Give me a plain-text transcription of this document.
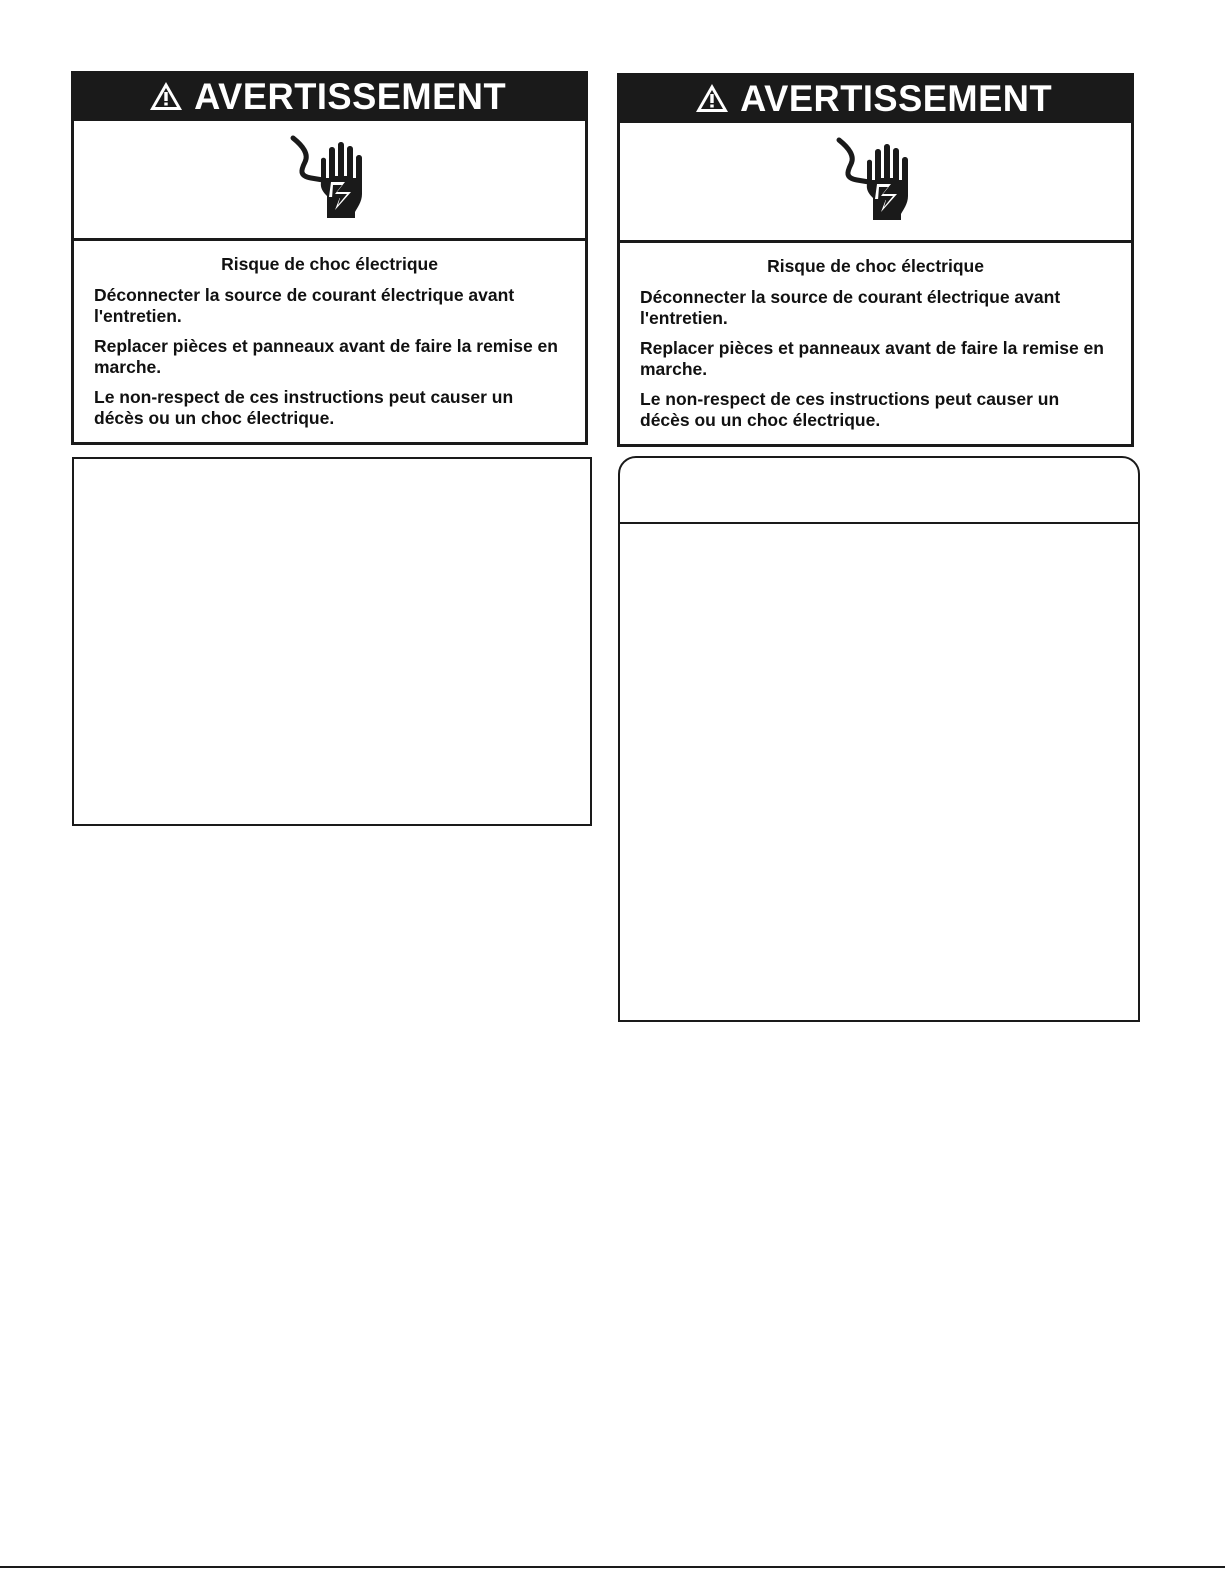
AVERTISSEMENT
Risque de choc électrique

Déconnecter la source de courant électrique avant l'entretien.

Replacer pièces et panneaux avant de faire la remise en marche.

Le non-respect de ces instructions peut causer un décès ou un choc électrique.

AVERTISSEMENT
Risque de choc électrique

Déconnecter la source de courant électrique avant l'entretien.

Replacer pièces et panneaux avant de faire la remise en marche.

Le non-respect de ces instructions peut causer un décès ou un choc électrique.
